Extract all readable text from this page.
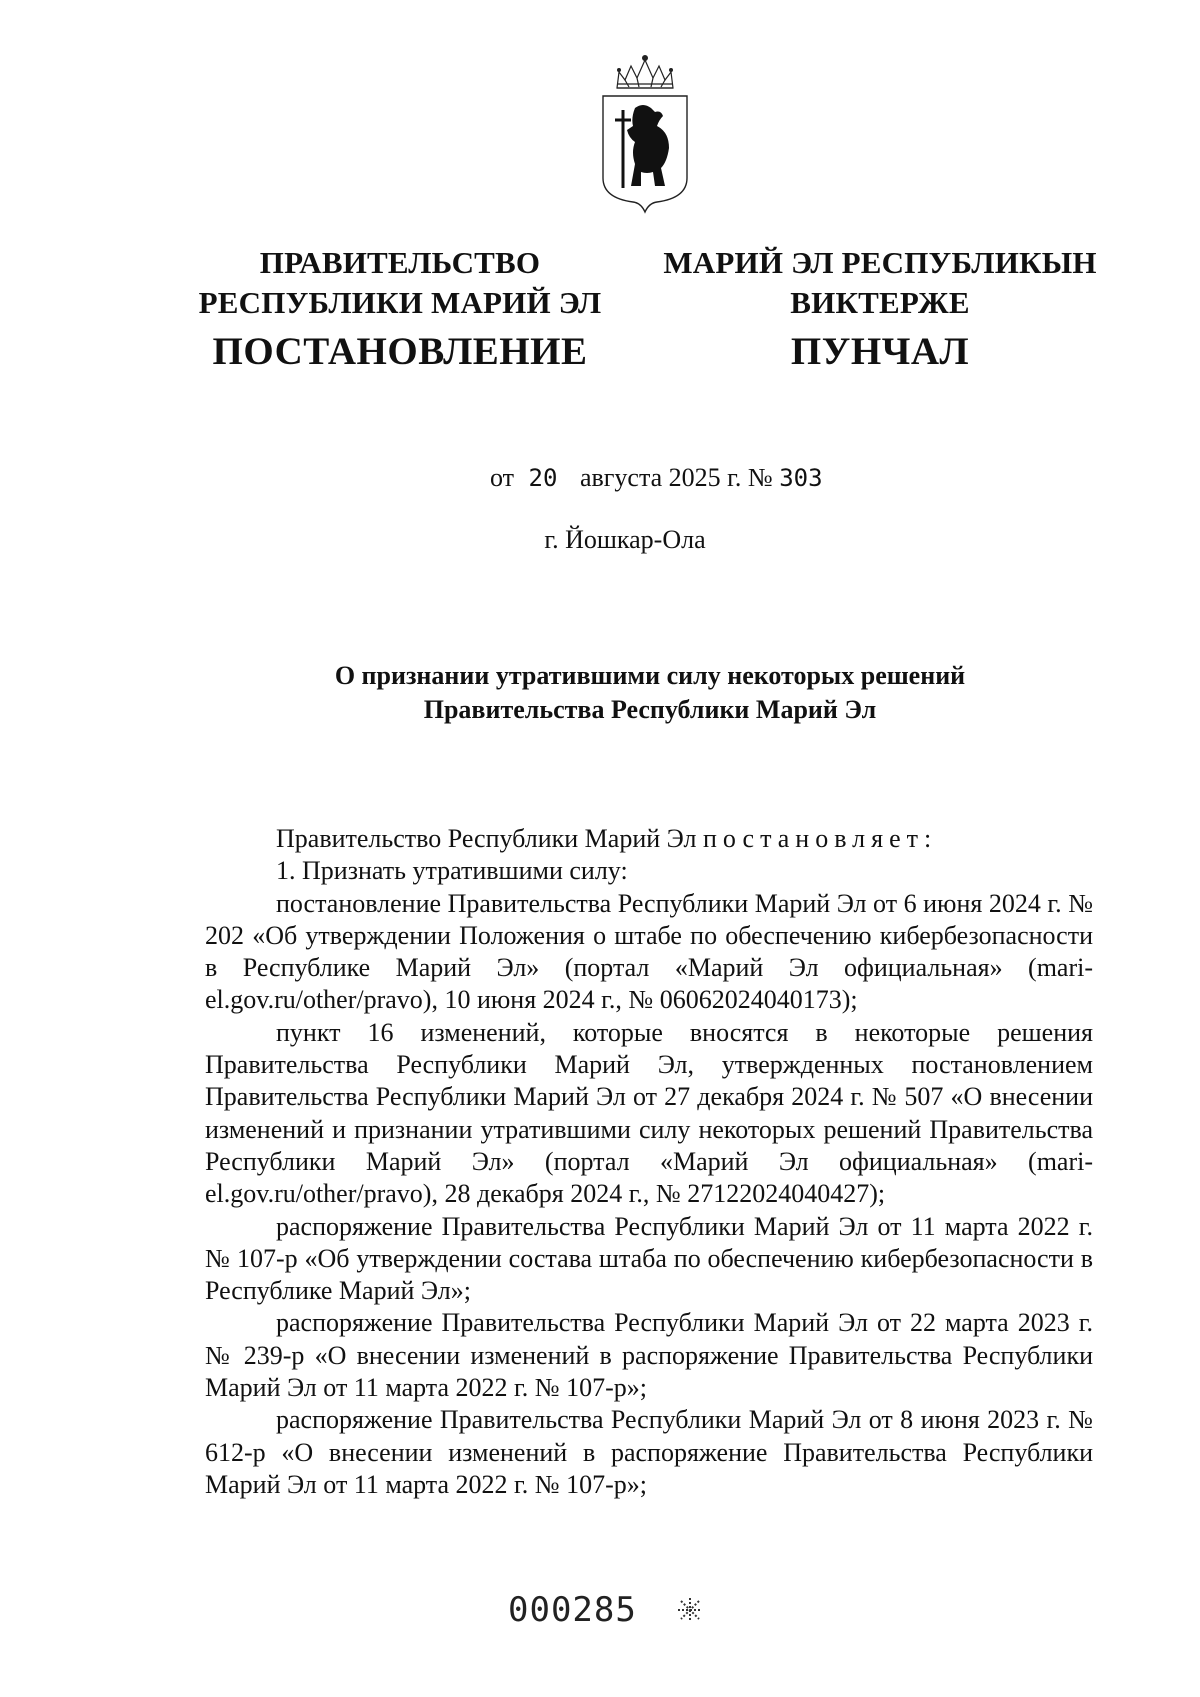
ПРАВИТЕЛЬСТВО
РЕСПУБЛИКИ МАРИЙ ЭЛ
ПОСТАНОВЛЕНИЕ
МАРИЙ ЭЛ РЕСПУБЛИКЫН
ВИКТЕРЖЕ
ПУНЧАЛ
от 20 августа 2025 г. № 303
г. Йошкар-Ола
О признании утратившими силу некоторых решений
Правительства Республики Марий Эл

Правительство Республики Марий Эл постановляет:

1. Признать утратившими силу:

постановление Правительства Республики Марий Эл от 6 июня 2024 г. № 202 «Об утверждении Положения о штабе по обеспечению кибербезопасности в Республике Марий Эл» (портал «Марий Эл официальная» (mari-el.gov.ru/other/pravo), 10 июня 2024 г., № 06062024040173);

пункт 16 изменений, которые вносятся в некоторые решения Правительства Республики Марий Эл, утвержденных постановлением Правительства Республики Марий Эл от 27 декабря 2024 г. № 507 «О внесении изменений и признании утратившими силу некоторых решений Правительства Республики Марий Эл» (портал «Марий Эл официальная» (mari-el.gov.ru/other/pravo), 28 декабря 2024 г., № 27122024040427);

распоряжение Правительства Республики Марий Эл от 11 марта 2022 г. № 107-р «Об утверждении состава штаба по обеспечению кибербезопасности в Республике Марий Эл»;

распоряжение Правительства Республики Марий Эл от 22 марта 2023 г. № 239-р «О внесении изменений в распоряжение Правительства Республики Марий Эл от 11 марта 2022 г. № 107-р»;

распоряжение Правительства Республики Марий Эл от 8 июня 2023 г. № 612-р «О внесении изменений в распоряжение Правительства Республики Марий Эл от 11 марта 2022 г. № 107-р»;

000285
